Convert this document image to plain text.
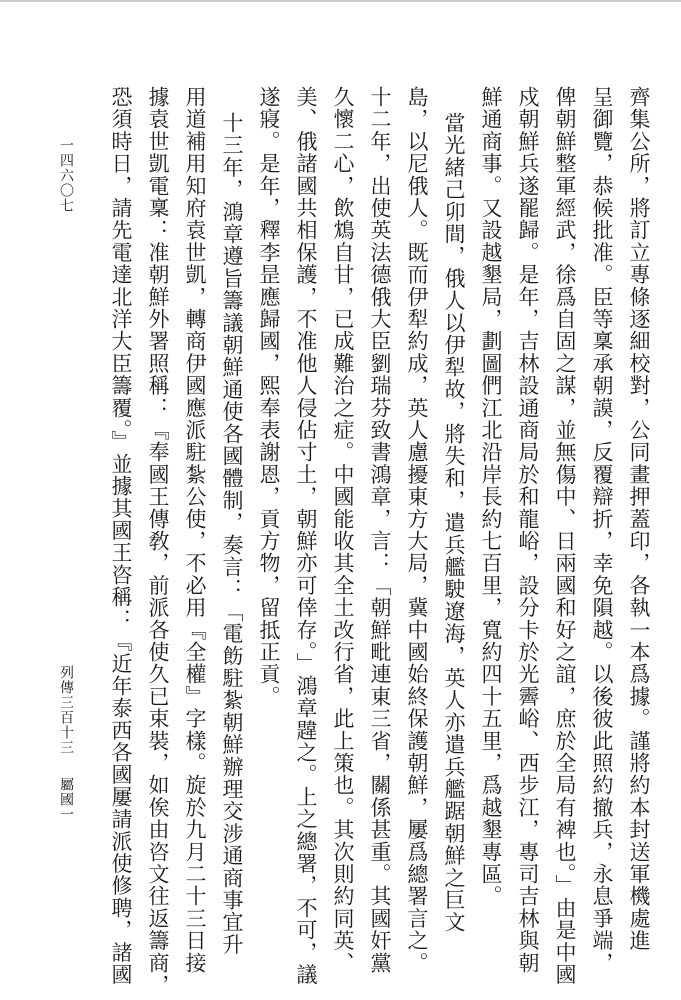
齊集公所，將訂立專條逐細校對，公同畫押蓋印，各執一本爲據。謹將約本封送軍機處進
呈御覽，恭候批准。臣等稟承朝謨，反覆辯折，幸免隕越。以後彼此照約撤兵，永息爭端，
俾朝鮮整軍經武，徐爲自固之謀，並無傷中、日兩國和好之誼，庶於全局有裨也。」由是中國
戍朝鮮兵遂罷歸。是年，吉林設通商局於和龍峪，設分卡於光霽峪、西步江，專司吉林與朝
鮮通商事。又設越墾局，劃圖們江北沿岸長約七百里，寬約四十五里，爲越墾專區。
當光緒己卯間，俄人以伊犁故，將失和，遣兵艦駛遼海，英人亦遣兵艦踞朝鮮之巨文
島，以尼俄人。既而伊犁約成，英人慮擾東方大局，冀中國始終保護朝鮮，屢爲總署言之。
十二年，出使英法德俄大臣劉瑞芬致書鴻章，言：「朝鮮毗連東三省，關係甚重。其國奸黨
久懷二心，飲鴆自甘，已成難治之症。中國能收其全土改行省，此上策也。其次則約同英、
美、俄諸國共相保護，不准他人侵佔寸土，朝鮮亦可倖存。」鴻章韙之。上之總署，不可，議
遂寢。是年，釋李昰應歸國，熙奉表謝恩，貢方物，留抵正貢。
十三年，鴻章遵旨籌議朝鮮通使各國體制，奏言：「電飭駐紮朝鮮辦理交涉通商事宜升
用道補用知府袁世凱，轉商伊國應派駐紮公使，不必用『全權』字樣。旋於九月二十三日接
據袁世凱電稟：准朝鮮外署照稱：『奉國王傳敎，前派各使久已束裝，如俟由咨文往返籌商，
恐須時日，請先電達北洋大臣籌覆。』並據其國王咨稱：『近年泰西各國屢請派使修聘，諸國
列傳三百十三屬國一
一四六〇七
